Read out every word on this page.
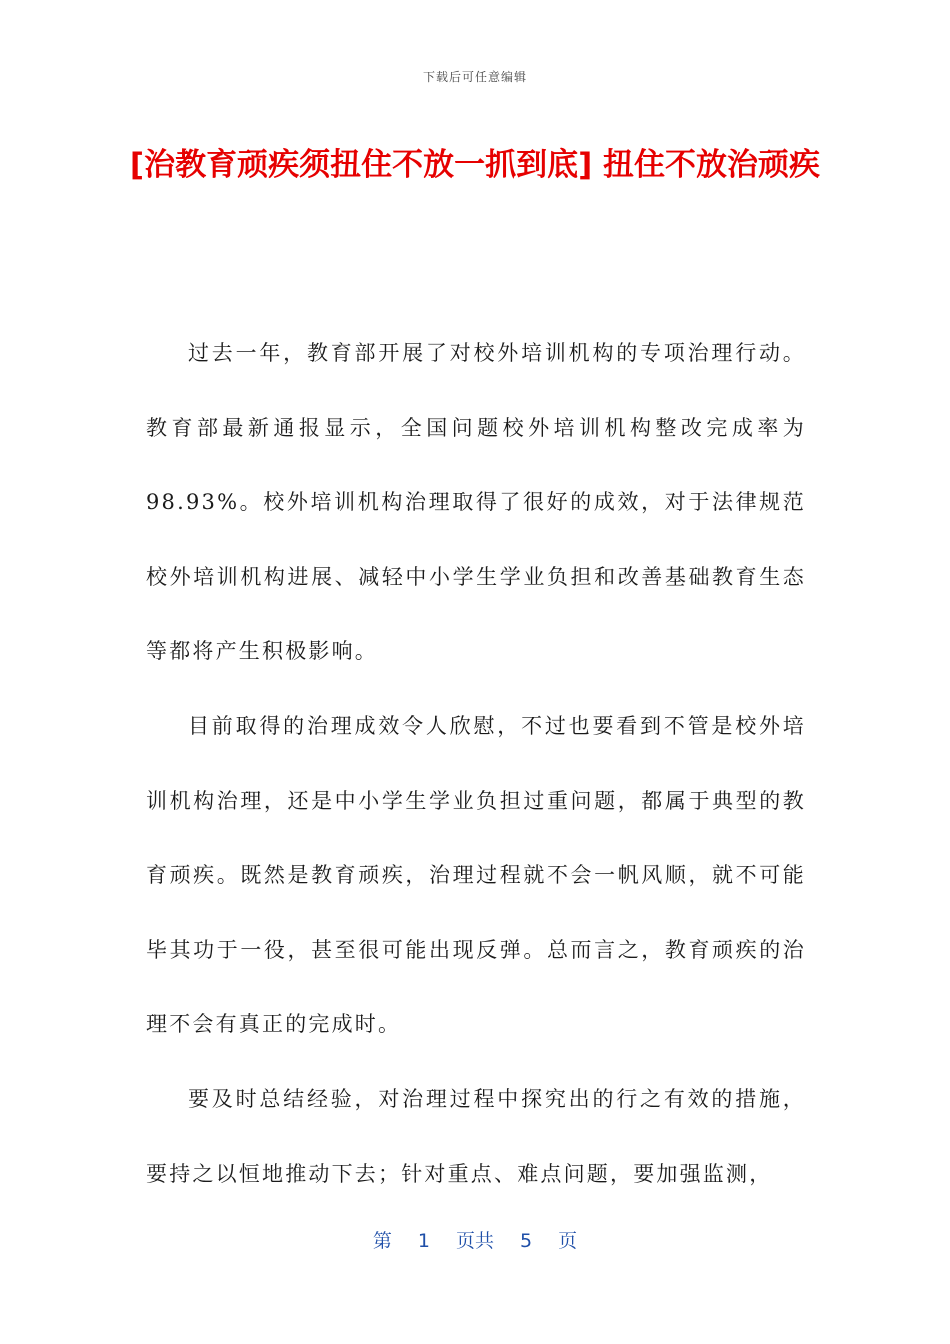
下载后可任意编辑
[治教育顽疾须扭住不放一抓到底] 扭住不放治顽疾

过去一年，教育部开展了对校外培训机构的专项治理行动。教育部最新通报显示，全国问题校外培训机构整改完成率为98.93%。校外培训机构治理取得了很好的成效，对于法律规范校外培训机构进展、减轻中小学生学业负担和改善基础教育生态等都将产生积极影响。

目前取得的治理成效令人欣慰，不过也要看到不管是校外培训机构治理，还是中小学生学业负担过重问题，都属于典型的教育顽疾。既然是教育顽疾，治理过程就不会一帆风顺，就不可能毕其功于一役，甚至很可能出现反弹。总而言之，教育顽疾的治理不会有真正的完成时。

要及时总结经验，对治理过程中探究出的行之有效的措施，要持之以恒地推动下去；针对重点、难点问题，要加强监测，

第 1 页共 5 页
